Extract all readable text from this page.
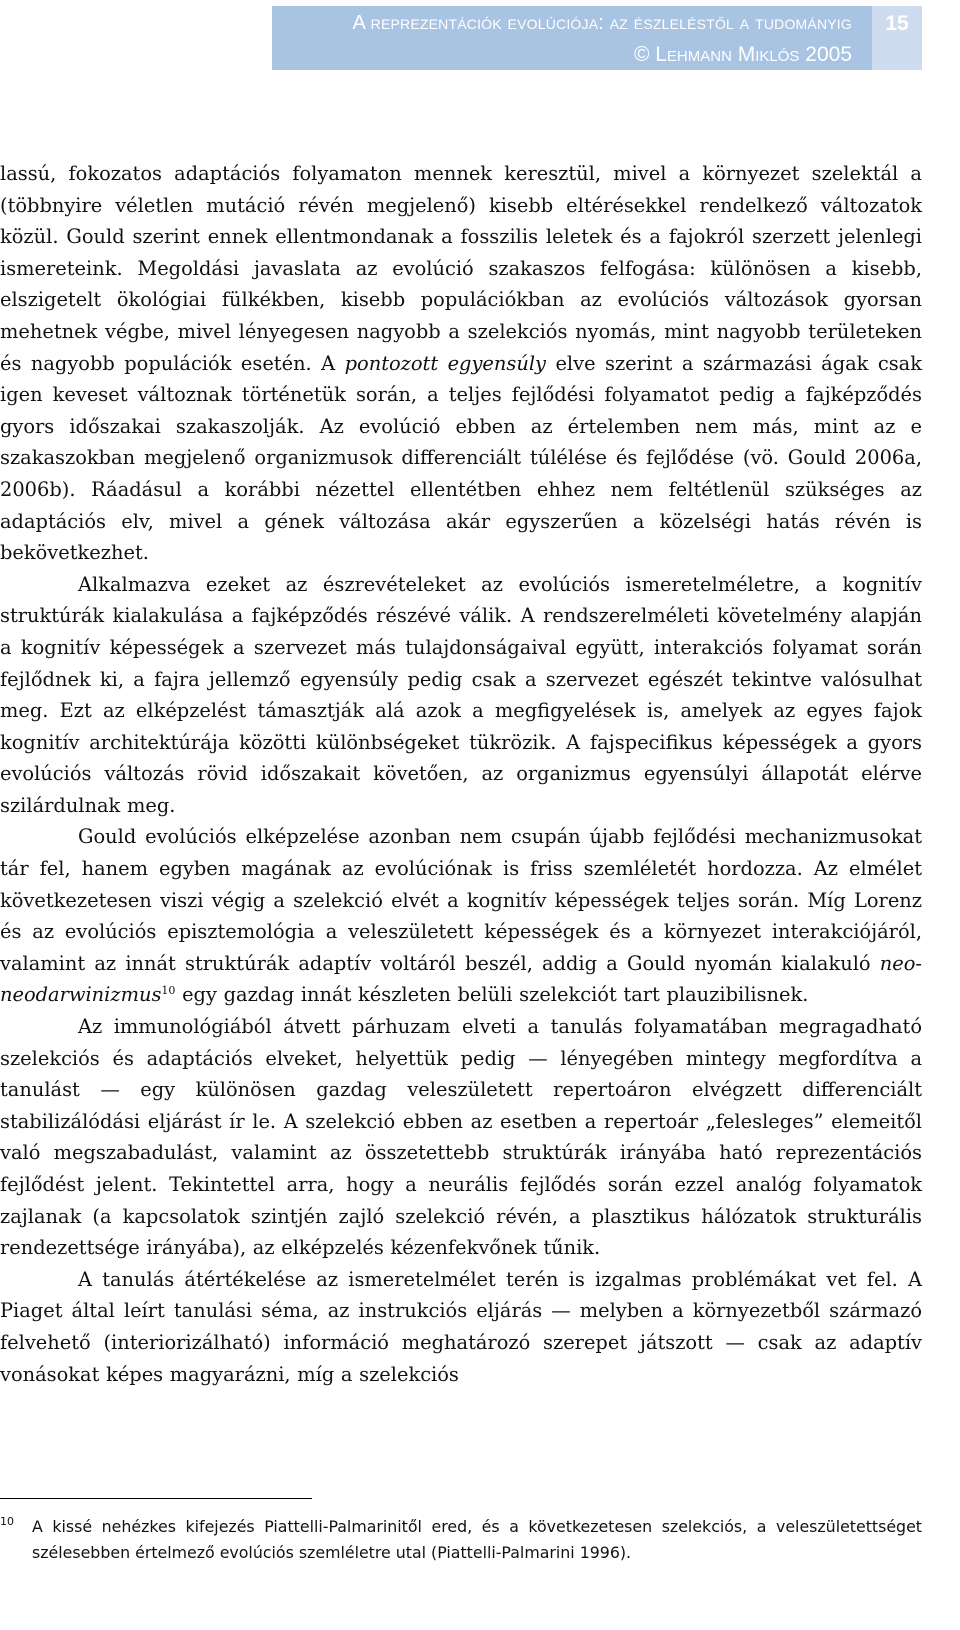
A reprezentációk evolúciója: az észleléstől a tudományig
© Lehmann Miklós 2005
15

lassú, fokozatos adaptációs folyamaton mennek keresztül, mivel a környezet szelektál a (többnyire véletlen mutáció révén megjelenő) kisebb eltérésekkel rendelkező változatok közül. Gould szerint ennek ellentmondanak a fosszilis leletek és a fajokról szerzett jelenlegi ismereteink. Megoldási javaslata az evolúció szakaszos felfogása: különösen a kisebb, elszigetelt ökológiai fülkékben, kisebb populációkban az evolúciós változások gyorsan mehetnek végbe, mivel lényegesen nagyobb a szelekciós nyomás, mint nagyobb területeken és nagyobb populációk esetén. A pontozott egyensúly elve szerint a származási ágak csak igen keveset változnak történetük során, a teljes fejlődési folyamatot pedig a fajképződés gyors időszakai szakaszolják. Az evolúció ebben az értelemben nem más, mint az e szakaszokban megjelenő organizmusok differenciált túlélése és fejlődése (vö. Gould 2006a, 2006b). Ráadásul a korábbi nézettel ellentétben ehhez nem feltétlenül szükséges az adaptációs elv, mivel a gének változása akár egyszerűen a közelségi hatás révén is bekövetkezhet.

Alkalmazva ezeket az észrevételeket az evolúciós ismeretelméletre, a kognitív struktúrák kialakulása a fajképződés részévé válik. A rendszerelméleti követelmény alapján a kognitív képességek a szervezet más tulajdonságaival együtt, interakciós folyamat során fejlődnek ki, a fajra jellemző egyensúly pedig csak a szervezet egészét tekintve valósulhat meg. Ezt az elképzelést támasztják alá azok a megfigyelések is, amelyek az egyes fajok kognitív architektúrája közötti különbségeket tükrözik. A fajspecifikus képességek a gyors evolúciós változás rövid időszakait követően, az organizmus egyensúlyi állapotát elérve szilárdulnak meg.

Gould evolúciós elképzelése azonban nem csupán újabb fejlődési mechanizmusokat tár fel, hanem egyben magának az evolúciónak is friss szemléletét hordozza. Az elmélet következetesen viszi végig a szelekció elvét a kognitív képességek teljes során. Míg Lorenz és az evolúciós episztemológia a veleszületett képességek és a környezet interakciójáról, valamint az innát struktúrák adaptív voltáról beszél, addig a Gould nyomán kialakuló neo-neodarwinizmus$^{10}$ egy gazdag innát készleten belüli szelekciót tart plauzibilisnek.

Az immunológiából átvett párhuzam elveti a tanulás folyamatában megragadható szelekciós és adaptációs elveket, helyettük pedig — lényegében mintegy megfordítva a tanulást — egy különösen gazdag veleszületett repertoáron elvégzett differenciált stabilizálódási eljárást ír le. A szelekció ebben az esetben a repertoár „felesleges” elemeitől való megszabadulást, valamint az összetettebb struktúrák irányába ható reprezentációs fejlődést jelent. Tekintettel arra, hogy a neurális fejlődés során ezzel analóg folyamatok zajlanak (a kapcsolatok szintjén zajló szelekció révén, a plasztikus hálózatok strukturális rendezettsége irányába), az elképzelés kézenfekvőnek tűnik.

A tanulás átértékelése az ismeretelmélet terén is izgalmas problémákat vet fel. A Piaget által leírt tanulási séma, az instrukciós eljárás — melyben a környezetből származó felvehető (interiorizálható) információ meghatározó szerepet játszott — csak az adaptív vonásokat képes magyarázni, míg a szelekciós

10 A kissé nehézkes kifejezés Piattelli-Palmarinitől ered, és a következetesen szelekciós, a veleszületettséget szélesebben értelmező evolúciós szemléletre utal (Piattelli-Palmarini 1996).
